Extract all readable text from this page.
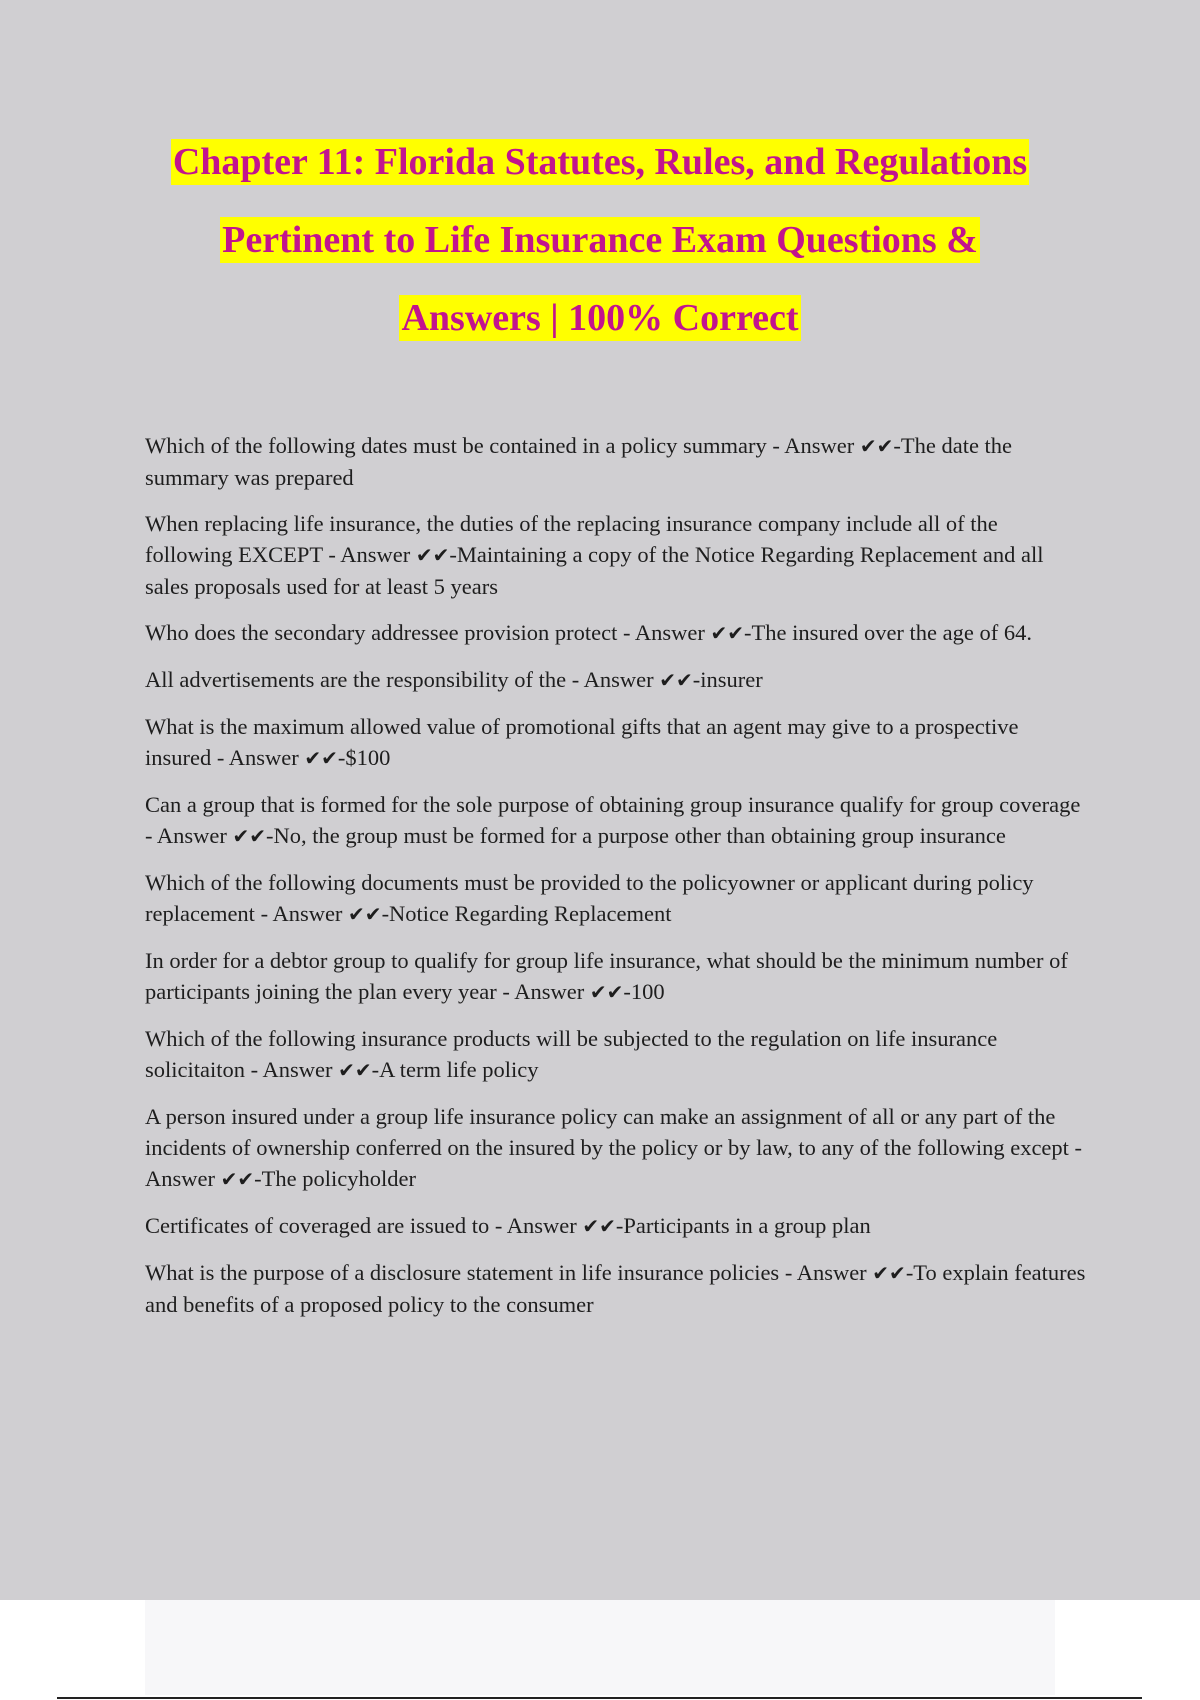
Chapter 11: Florida Statutes, Rules, and Regulations
Pertinent to Life Insurance Exam Questions &
Answers | 100% Correct

Which of the following dates must be contained in a policy summary - Answer ✔✔-The date the summary was prepared

When replacing life insurance, the duties of the replacing insurance company include all of the following EXCEPT - Answer ✔✔-Maintaining a copy of the Notice Regarding Replacement and all sales proposals used for at least 5 years

Who does the secondary addressee provision protect - Answer ✔✔-The insured over the age of 64.

All advertisements are the responsibility of the - Answer ✔✔-insurer

What is the maximum allowed value of promotional gifts that an agent may give to a prospective insured - Answer ✔✔-$100

Can a group that is formed for the sole purpose of obtaining group insurance qualify for group coverage - Answer ✔✔-No, the group must be formed for a purpose other than obtaining group insurance

Which of the following documents must be provided to the policyowner or applicant during policy replacement - Answer ✔✔-Notice Regarding Replacement

In order for a debtor group to qualify for group life insurance, what should be the minimum number of participants joining the plan every year - Answer ✔✔-100

Which of the following insurance products will be subjected to the regulation on life insurance solicitaiton - Answer ✔✔-A term life policy

A person insured under a group life insurance policy can make an assignment of all or any part of the incidents of ownership conferred on the insured by the policy or by law, to any of the following except - Answer ✔✔-The policyholder

Certificates of coveraged are issued to - Answer ✔✔-Participants in a group plan

What is the purpose of a disclosure statement in life insurance policies - Answer ✔✔-To explain features and benefits of a proposed policy to the consumer
